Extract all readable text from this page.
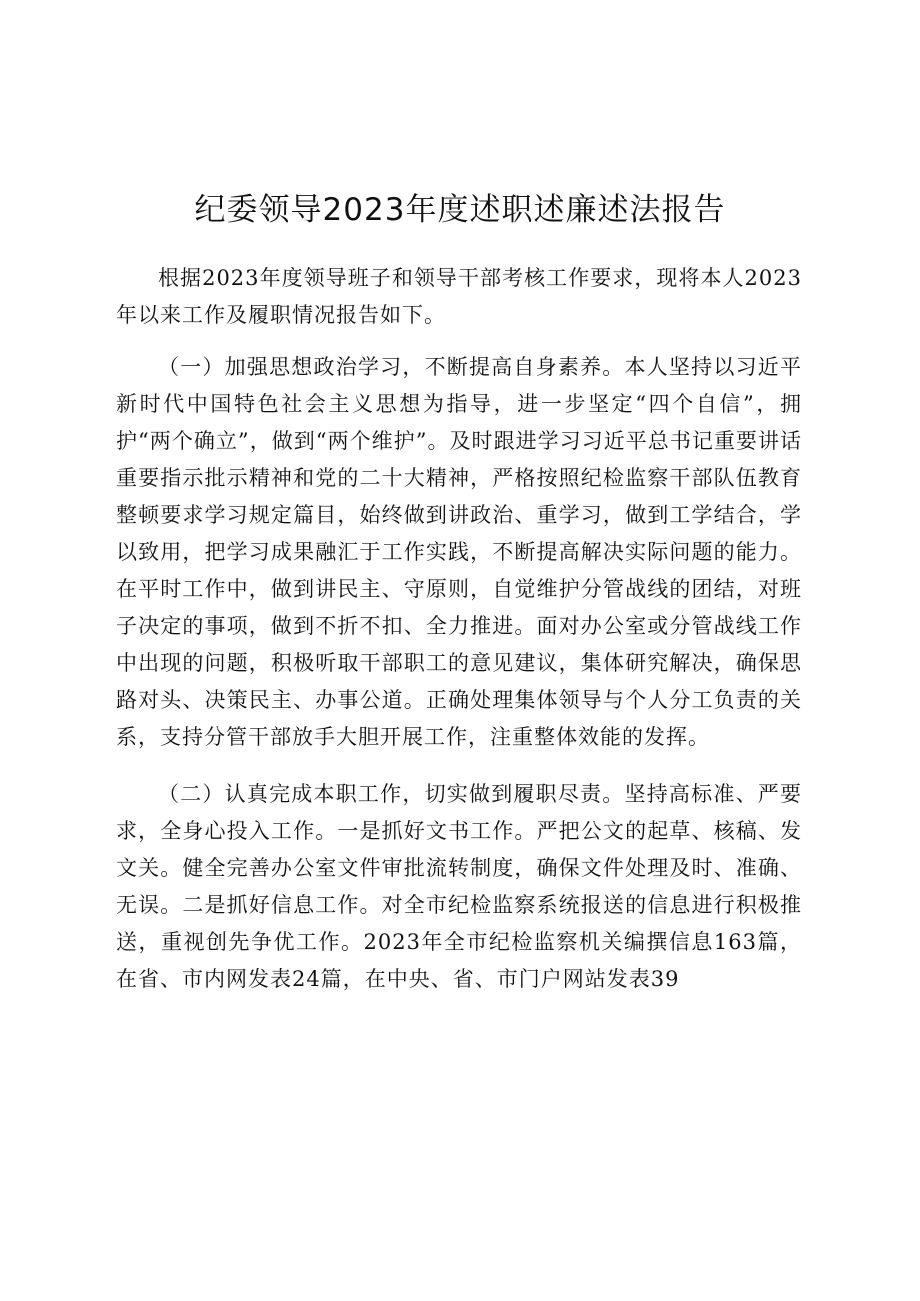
纪委领导2023年度述职述廉述法报告

根据2023年度领导班子和领导干部考核工作要求，现将本人2023年以来工作及履职情况报告如下。

（一）加强思想政治学习，不断提高自身素养。本人坚持以习近平新时代中国特色社会主义思想为指导，进一步坚定“四个自信”，拥护“两个确立”，做到“两个维护”。及时跟进学习习近平总书记重要讲话重要指示批示精神和党的二十大精神，严格按照纪检监察干部队伍教育整顿要求学习规定篇目，始终做到讲政治、重学习，做到工学结合，学以致用，把学习成果融汇于工作实践，不断提高解决实际问题的能力。在平时工作中，做到讲民主、守原则，自觉维护分管战线的团结，对班子决定的事项，做到不折不扣、全力推进。面对办公室或分管战线工作中出现的问题，积极听取干部职工的意见建议，集体研究解决，确保思路对头、决策民主、办事公道。正确处理集体领导与个人分工负责的关系，支持分管干部放手大胆开展工作，注重整体效能的发挥。

（二）认真完成本职工作，切实做到履职尽责。坚持高标准、严要求，全身心投入工作。一是抓好文书工作。严把公文的起草、核稿、发文关。健全完善办公室文件审批流转制度，确保文件处理及时、准确、无误。二是抓好信息工作。对全市纪检监察系统报送的信息进行积极推送，重视创先争优工作。2023年全市纪检监察机关编撰信息163篇，在省、市内网发表24篇，在中央、省、市门户网站发表39
